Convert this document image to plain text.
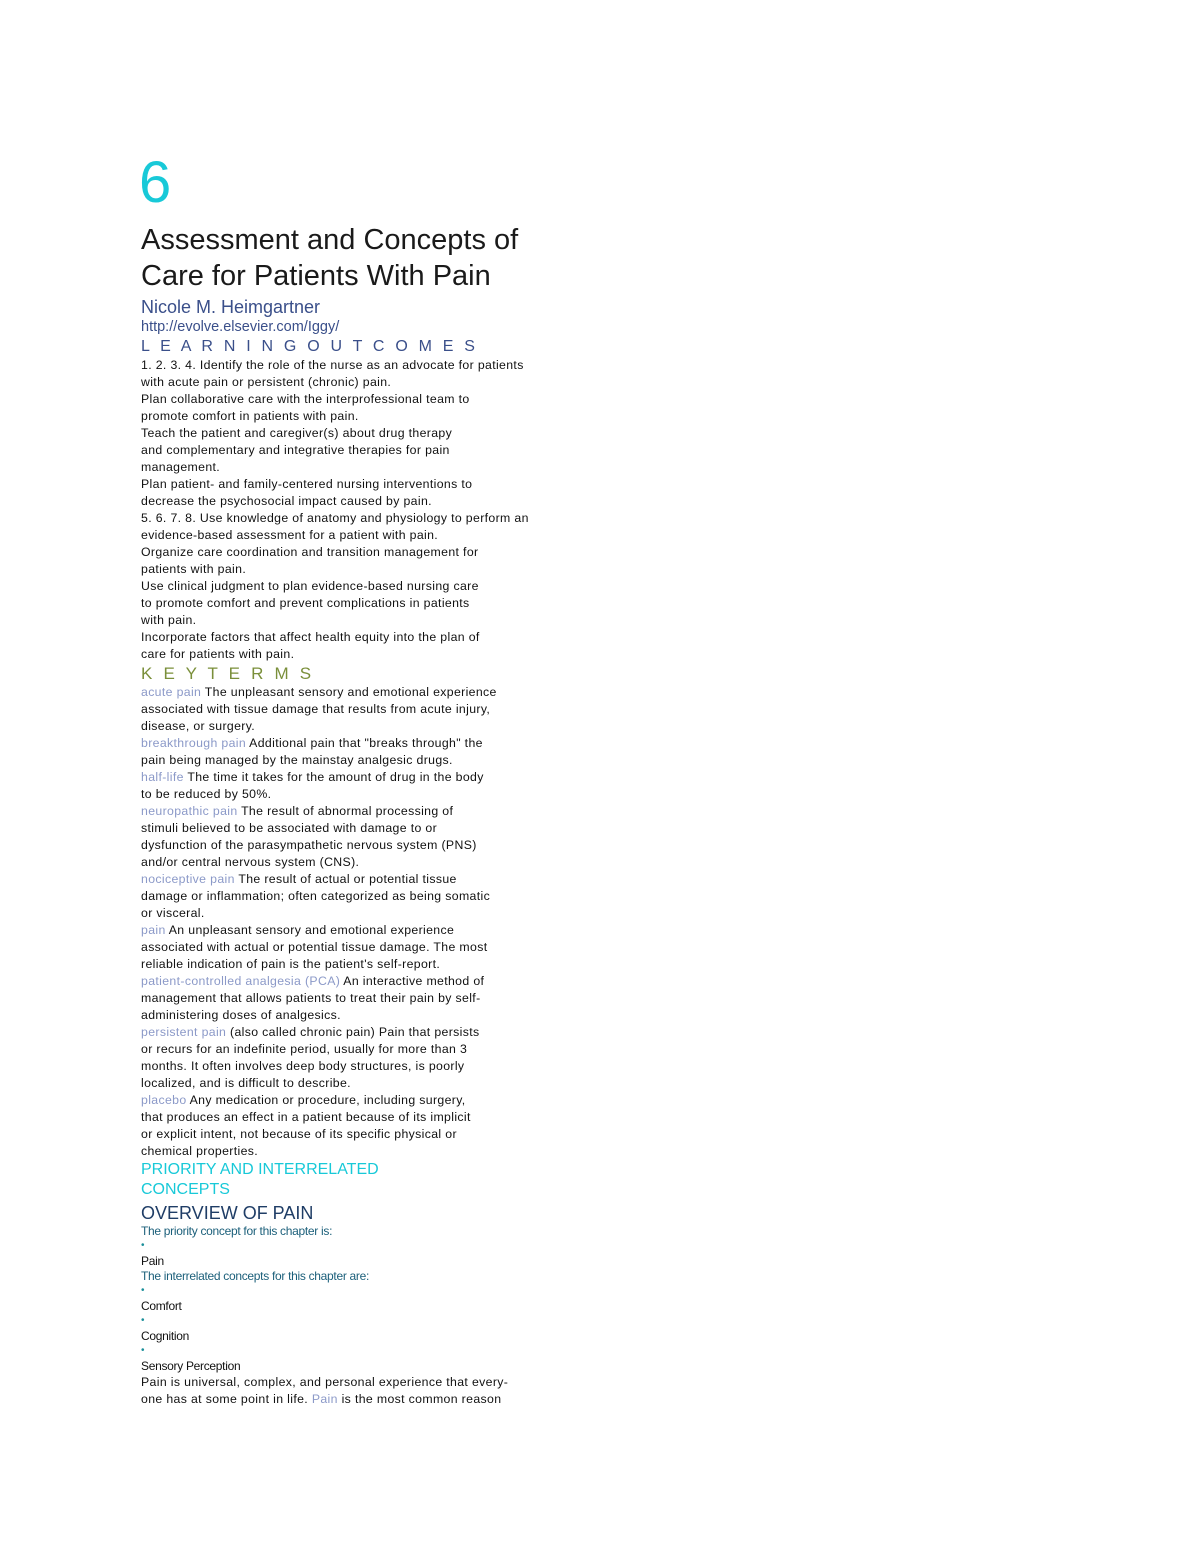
6
Assessment and Concepts of
Care for Patients With Pain
Nicole M. Heimgartner
http://evolve.elsevier.com/Iggy/
L E A R N I N G O U T C O M E S
1. 2. 3. 4. Identify the role of the nurse as an advocate for patients
with acute pain or persistent (chronic) pain.
Plan collaborative care with the interprofessional team to
promote comfort in patients with pain.
Teach the patient and caregiver(s) about drug therapy
and complementary and integrative therapies for pain
management.
Plan patient- and family-centered nursing interventions to
decrease the psychosocial impact caused by pain.
5. 6. 7. 8. Use knowledge of anatomy and physiology to perform an
evidence-based assessment for a patient with pain.
Organize care coordination and transition management for
patients with pain.
Use clinical judgment to plan evidence-based nursing care
to promote comfort and prevent complications in patients
with pain.
Incorporate factors that affect health equity into the plan of
care for patients with pain.
K E Y T E R M S
acute pain The unpleasant sensory and emotional experience
associated with tissue damage that results from acute injury,
disease, or surgery.
breakthrough pain Additional pain that "breaks through" the
pain being managed by the mainstay analgesic drugs.
half-life The time it takes for the amount of drug in the body
to be reduced by 50%.
neuropathic pain The result of abnormal processing of
stimuli believed to be associated with damage to or
dysfunction of the parasympathetic nervous system (PNS)
and/or central nervous system (CNS).
nociceptive pain The result of actual or potential tissue
damage or inflammation; often categorized as being somatic
or visceral.
pain An unpleasant sensory and emotional experience
associated with actual or potential tissue damage. The most
reliable indication of pain is the patient's self-report.
patient-controlled analgesia (PCA) An interactive method of
management that allows patients to treat their pain by self-
administering doses of analgesics.
persistent pain (also called chronic pain) Pain that persists
or recurs for an indefinite period, usually for more than 3
months. It often involves deep body structures, is poorly
localized, and is difficult to describe.
placebo Any medication or procedure, including surgery,
that produces an effect in a patient because of its implicit
or explicit intent, not because of its specific physical or
chemical properties.
PRIORITY AND INTERRELATED
CONCEPTS
OVERVIEW OF PAIN
The priority concept for this chapter is:
•
Pain
The interrelated concepts for this chapter are:
•
Comfort
•
Cognition
•
Sensory Perception
Pain is universal, complex, and personal experience that every-
one has at some point in life. Pain is the most common reason
